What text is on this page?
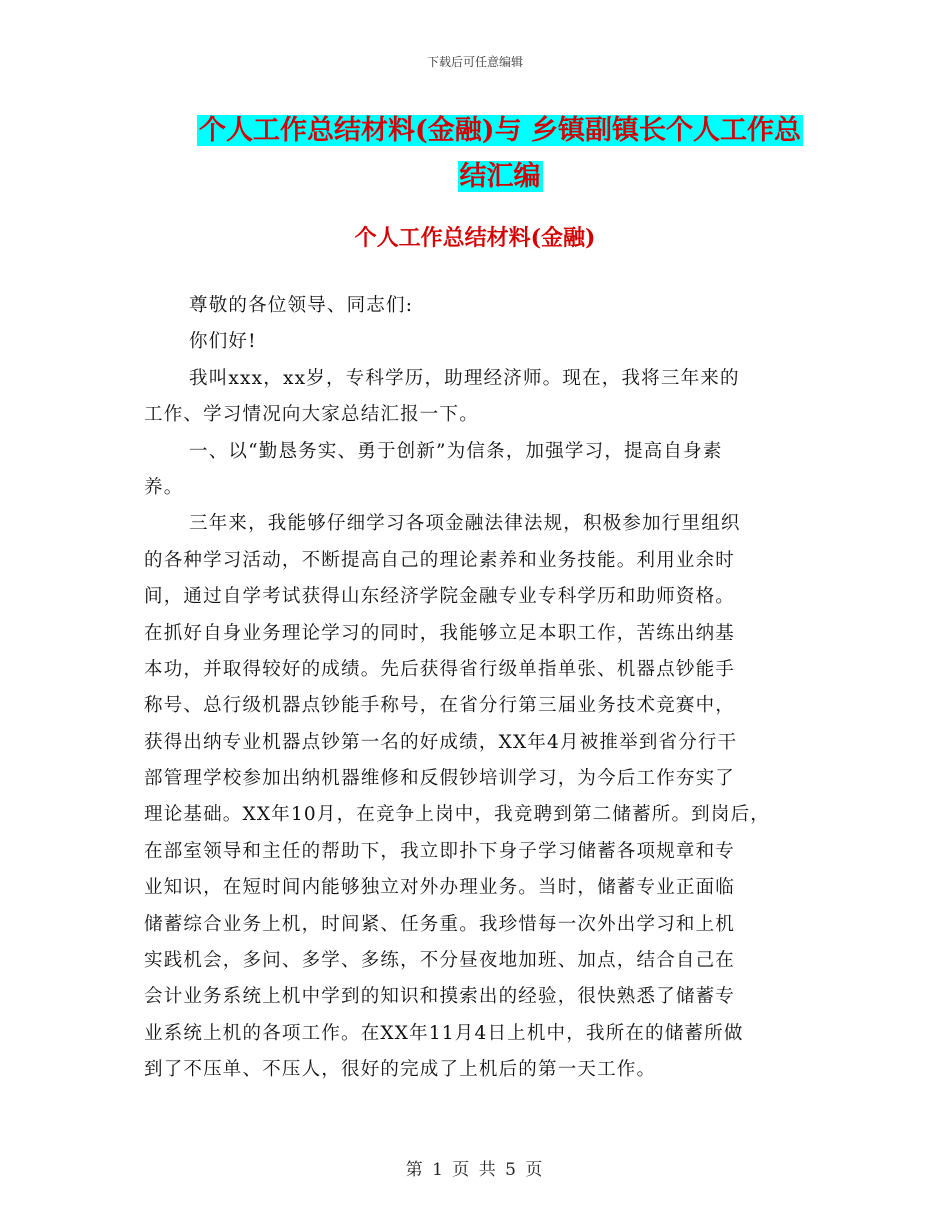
下载后可任意编辑
个人工作总结材料(金融)与 乡镇副镇长个人工作总
结汇编
个人工作总结材料(金融)
尊敬的各位领导、同志们:
你们好!
我叫xxx，xx岁，专科学历，助理经济师。现在，我将三年来的
工作、学习情况向大家总结汇报一下。
一、以“勤恳务实、勇于创新”为信条，加强学习，提高自身素
养。
三年来，我能够仔细学习各项金融法律法规，积极参加行里组织
的各种学习活动，不断提高自己的理论素养和业务技能。利用业余时
间，通过自学考试获得山东经济学院金融专业专科学历和助师资格。
在抓好自身业务理论学习的同时，我能够立足本职工作，苦练出纳基
本功，并取得较好的成绩。先后获得省行级单指单张、机器点钞能手
称号、总行级机器点钞能手称号，在省分行第三届业务技术竞赛中，
获得出纳专业机器点钞第一名的好成绩，XX年4月被推举到省分行干
部管理学校参加出纳机器维修和反假钞培训学习，为今后工作夯实了
理论基础。XX年10月，在竞争上岗中，我竞聘到第二储蓄所。到岗后，
在部室领导和主任的帮助下，我立即扑下身子学习储蓄各项规章和专
业知识，在短时间内能够独立对外办理业务。当时，储蓄专业正面临
储蓄综合业务上机，时间紧、任务重。我珍惜每一次外出学习和上机
实践机会，多问、多学、多练，不分昼夜地加班、加点，结合自己在
会计业务系统上机中学到的知识和摸索出的经验，很快熟悉了储蓄专
业系统上机的各项工作。在XX年11月4日上机中，我所在的储蓄所做
到了不压单、不压人，很好的完成了上机后的第一天工作。
第 1 页 共 5 页
